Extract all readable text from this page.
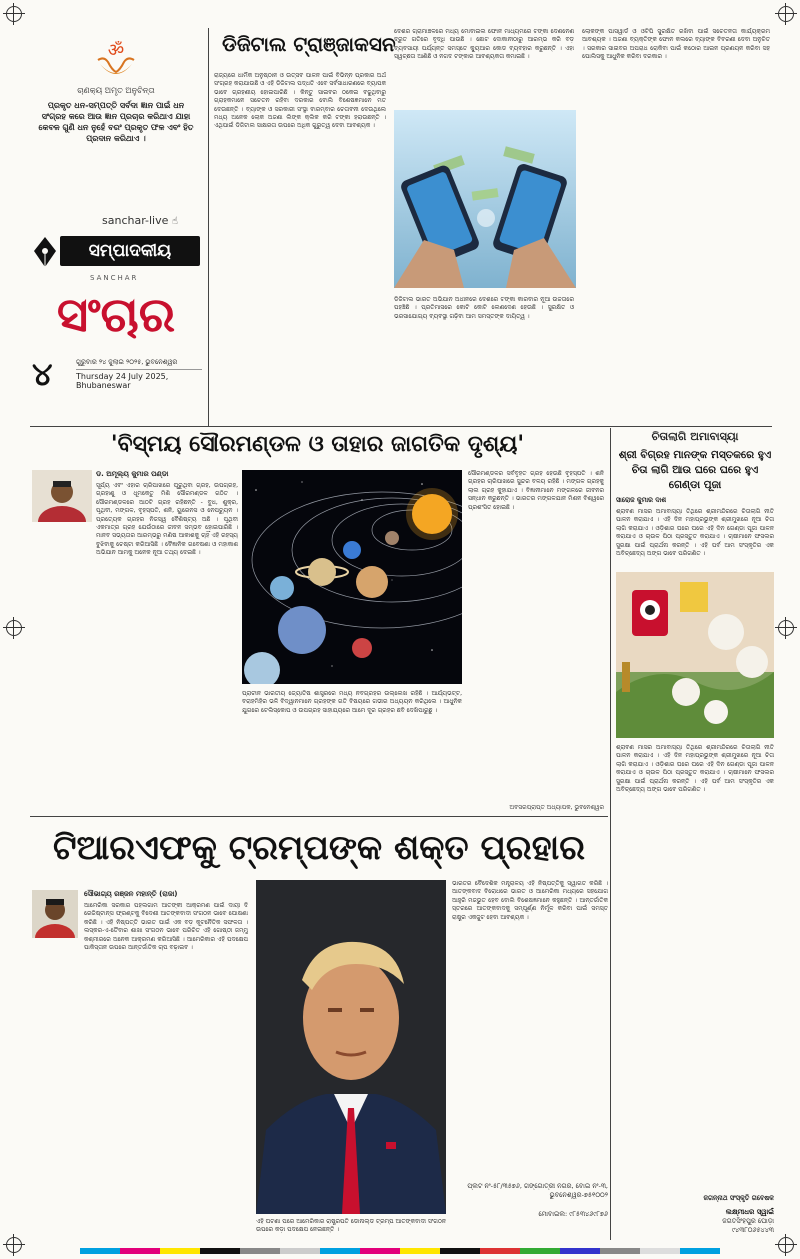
ॐ
ଚାଣକ୍ୟ ଅମୃତ ଅନୁଚିନ୍ତା
ପ୍ରକୃତ ଧନ-ସମ୍ପତ୍ତି ସର୍ବଦା ଜ୍ଞାନ ପାଇଁ ଧନ ସଂଗ୍ରହ କରେ ଆଉ ଜ୍ଞାନ ପ୍ରଚାର କରିଥାଏ ଯାହା କେବଳ ଗୁଣି ଧନ ନୁହେଁ ବରଂ ପ୍ରକୃତ ଫଳ ଏବଂ ହିତ ପ୍ରଦାନ କରିଥାଏ ।
sanchar-live ☝
ସମ୍ପାଦକୀୟ
SANCHAR
ସଂଚାର
୪	ଗୁରୁବାର ୨୪ ଜୁଲାଇ ୨୦୨୫, ଭୁବନେଶ୍ୱର
Thursday 24 July 2025,
Bhubaneswar
ଡିଜିଟାଲ ଟ୍ରାଞ୍ଜାକସନ
ରାଜ୍ୟରେ ଧାର୍ମିକ ଅନୁଷ୍ଠାନ ଓ ଉତ୍ସବ ପାଳନ ପାଇଁ ବିଭିନ୍ନ ପ୍ରକାର ଅର୍ଥ ସଂଗ୍ରହ କରାଯାଉଛି ଓ ଏହି ଡିଜିଟାଲ ପଦ୍ଧତି ଏବେ ସର୍ବସାଧାରଣରେ ବ୍ୟାପକ ଭାବେ ଗ୍ରହଣୀୟ ହୋଇପାରିଛି । କିନ୍ତୁ ସାଇବର ଠକେଇ ବଢୁଥିବାରୁ ଗ୍ରାହକମାନେ ସଚେତନ ରହିବା ଦରକାର ବୋଲି ବିଶେଷଜ୍ଞମାନେ ମତ ଦେଉଛନ୍ତି । ବ୍ୟାଙ୍କ ଓ ସରକାରୀ ସଂସ୍ଥା ବାରମ୍ବାର ଚେତାବନୀ ଦେଉଥିଲେ ମଧ୍ୟ ଅନେକ ଲୋକ ଅଜଣା ଲିଙ୍କ କ୍ଲିକ କରି ଟଙ୍କା ହରାଉଛନ୍ତି । ଏଥିପାଇଁ ଡିଜିଟାଲ ସାକ୍ଷରତା ଉପରେ ଅଧିକ ଗୁରୁତ୍ୱ ଦେବା ଆବଶ୍ୟକ ।
ଦେଶର ଗ୍ରାମାଞ୍ଚଳରେ ମଧ୍ୟ ମୋବାଇଲ ଫୋନ ମାଧ୍ୟମରେ ଟଙ୍କା ଦେଣନେଣ ଦ୍ରୁତ ଗତିରେ ବୃଦ୍ଧି ପାଉଛି । ଛୋଟ ଦୋକାନୀଠାରୁ ଆରମ୍ଭ କରି ବଡ଼ ବ୍ୟବସାୟୀ ପର୍ଯ୍ୟନ୍ତ ସମସ୍ତେ କ୍ୟୁଆର କୋଡ ବ୍ୟବହାର କରୁଛନ୍ତି । ଏହା ସ୍ୱଚ୍ଛତା ଆଣିଛି ଓ ନଗଦ ଟଙ୍କାର ଆବଶ୍ୟକତା କମାଇଛି ।
ଲୋକଙ୍କ ପାସୱାର୍ଡ ଓ ଓଟିପି ସୁରକ୍ଷିତ ରଖିବା ପାଇଁ ସଚେତନତା କାର୍ଯ୍ୟକ୍ରମ ଆବଶ୍ୟକ । ଅଜଣା ବ୍ୟକ୍ତିଙ୍କ ଫୋନ କଲରେ ବ୍ୟାଙ୍କ ବିବରଣୀ ଦେବା ଅନୁଚିତ । ସରକାର ସାଇବର ଅପରାଧ ରୋକିବା ପାଇଁ କଠୋର ଆଇନ ପ୍ରଣୟନ କରିବା ସହ ପୋଲିସକୁ ଆଧୁନିକ କରିବା ଦରକାର ।
ଡିଜିଟାଲ ଭାରତ ଅଭିଯାନ ଅଧୀନରେ ଦେଶରେ ଟଙ୍କା କାରବାର ନୂଆ ଉଚ୍ଚତାରେ ପହଞ୍ଚିଛି । ପ୍ରତିମାସରେ କୋଟି କୋଟି ଲେଣଦେଣ ହେଉଛି । ସୁରକ୍ଷିତ ଓ ଭରସାଯୋଗ୍ୟ ବ୍ୟବସ୍ଥା ଗଢ଼ିବା ଆମ ସମସ୍ତଙ୍କ ଦାୟିତ୍ୱ ।
'ବିସ୍ମୟ ସୌରମଣ୍ଡଳ ଓ ତାହାର ଜାଗତିକ ଦୃଶ୍ୟ'
ଡ. ଅମୂଲ୍ୟ କୁମାର ପଣ୍ଡା
ସୂର୍ଯ୍ୟ ଏବଂ ଏହାର ଚାରିପାଖରେ ଘୂରୁଥିବା ଗ୍ରହ, ଉପଗ୍ରହ, ଗ୍ରହାଣୁ ଓ ଧୂମକେତୁ ମିଶି ସୌରମଣ୍ଡଳ ଗଠିତ । ସୌରମଣ୍ଡଳରେ ଆଠଟି ଗ୍ରହ ରହିଛନ୍ତି - ବୁଧ, ଶୁକ୍ର, ପୃଥିବୀ, ମଙ୍ଗଳ, ବୃହସ୍ପତି, ଶନି, ୟୁରେନସ ଓ ନେପଚ୍ୟୁନ । ପ୍ରତ୍ୟେକ ଗ୍ରହର ନିଜସ୍ୱ ବୈଶିଷ୍ଟ୍ୟ ଅଛି । ପୃଥିବୀ ଏକମାତ୍ର ଗ୍ରହ ଯେଉଁଠାରେ ଜୀବନ ସମ୍ଭବ ହୋଇପାରିଛି । ମାନବ ସଭ୍ୟତାର ଆରମ୍ଭରୁ ମଣିଷ ଆକାଶକୁ ଚାହିଁ ଏହି ରହସ୍ୟ ବୁଝିବାକୁ ଚେଷ୍ଟା କରିଆସିଛି । ବୈଜ୍ଞାନିକ ଗବେଷଣା ଓ ମହାକାଶ ଅଭିଯାନ ଆମକୁ ଅନେକ ନୂଆ ତଥ୍ୟ ଦେଇଛି ।
ସୌରମଣ୍ଡଳର ସର୍ବବୃହତ ଗ୍ରହ ହେଉଛି ବୃହସ୍ପତି । ଶନି ଗ୍ରହର ଚାରିପାଖରେ ସୁନ୍ଦର ବଳୟ ରହିଛି । ମଙ୍ଗଳ ଗ୍ରହକୁ ଲାଲ ଗ୍ରହ କୁହାଯାଏ । ବିଜ୍ଞାନୀମାନେ ମଙ୍ଗଳରେ ଜୀବନର ସନ୍ଧାନ କରୁଛନ୍ତି । ଭାରତର ମଙ୍ଗଳଯାନ ମିଶନ ବିଶ୍ୱରେ ପ୍ରଶଂସିତ ହୋଇଛି ।
ପ୍ରାଚୀନ ଭାରତୀୟ ଜ୍ୟୋତିଷ ଶାସ୍ତ୍ରରେ ମଧ୍ୟ ନବଗ୍ରହର ଉଲ୍ଲେଖ ରହିଛି । ଆର୍ଯ୍ୟଭଟ୍ଟ, ବରାହମିହିର ଭଳି ବିଦ୍ୱାନମାନେ ଗ୍ରହଙ୍କ ଗତି ବିଷୟରେ ଗଭୀର ଅଧ୍ୟୟନ କରିଥିଲେ । ଆଧୁନିକ ଯୁଗରେ ଟେଲିସ୍କୋପ ଓ ଉପଗ୍ରହ ସାହାଯ୍ୟରେ ଆମେ ଦୂର ଗ୍ରହର ଛବି ଦେଖିପାରୁଛୁ ।
ଅବସରପ୍ରାପ୍ତ ଅଧ୍ୟାପକ, ଭୁବନେଶ୍ୱର
ଚିତାଲାଗି ଅମାବାସ୍ୟା
ଶ୍ରୀ ବିଗ୍ରହ ମାନଙ୍କ ମସ୍ତକରେ ହୁଏ ଚିତା ଲାଗି ଆଉ ଘରେ ଘରେ ହୁଏ ଗେଣ୍ଡା ପୂଜା
ସାରୋଜ କୁମାର ଦାଶ
ଶ୍ରାବଣ ମାସର ଅମାବାସ୍ୟା ତିଥିରେ ଶ୍ରୀମନ୍ଦିରରେ ଚିତାଲାଗି ନୀତି ପାଳନ କରାଯାଏ । ଏହି ଦିନ ମହାପ୍ରଭୁଙ୍କ ଶ୍ରୀମୁଖରେ ନୂଆ ଚିତା ଲାଗି କରାଯାଏ । ଓଡ଼ିଶାର ଘରେ ଘରେ ଏହି ଦିନ ଗେଣ୍ଡା ପୂଜା ପାଳନ କରାଯାଏ ଓ ଚାଉଳ ପିଠା ପ୍ରସ୍ତୁତ କରାଯାଏ । ଚାଷୀମାନେ ଫସଲର ସୁରକ୍ଷା ପାଇଁ ପ୍ରାର୍ଥନା କରନ୍ତି । ଏହି ପର୍ବ ଆମ ସଂସ୍କୃତିର ଏକ ଅବିଚ୍ଛେଦ୍ୟ ଅଙ୍ଗ ଭାବେ ପରିଗଣିତ ।
ଶ୍ରାବଣ ମାସର ଅମାବାସ୍ୟା ତିଥିରେ ଶ୍ରୀମନ୍ଦିରରେ ଚିତାଲାଗି ନୀତି ପାଳନ କରାଯାଏ । ଏହି ଦିନ ମହାପ୍ରଭୁଙ୍କ ଶ୍ରୀମୁଖରେ ନୂଆ ଚିତା ଲାଗି କରାଯାଏ । ଓଡ଼ିଶାର ଘରେ ଘରେ ଏହି ଦିନ ଗେଣ୍ଡା ପୂଜା ପାଳନ କରାଯାଏ ଓ ଚାଉଳ ପିଠା ପ୍ରସ୍ତୁତ କରାଯାଏ । ଚାଷୀମାନେ ଫସଲର ସୁରକ୍ଷା ପାଇଁ ପ୍ରାର୍ଥନା କରନ୍ତି । ଏହି ପର୍ବ ଆମ ସଂସ୍କୃତିର ଏକ ଅବିଚ୍ଛେଦ୍ୟ ଅଙ୍ଗ ଭାବେ ପରିଗଣିତ ।
ଜଗନ୍ନାଥ ସଂସ୍କୃତି ଗବେଷକ
ଟିଆରଏଫକୁ ଟ୍ରମ୍ପଙ୍କ ଶକ୍ତ ପ୍ରହାର
ସୌଭାଗ୍ୟ ରଞ୍ଜନ ମହାନ୍ତି (ରାଜା)
ଆମେରିକା ସରକାର ପହଲଗାମ ଆତଙ୍କୀ ଆକ୍ରମଣ ପାଇଁ ଦାୟୀ ଦି ରେଜିଷ୍ଟାନ୍ସ ଫ୍ରଣ୍ଟକୁ ବିଦେଶୀ ଆତଙ୍କବାଦୀ ସଂଗଠନ ଭାବେ ଘୋଷଣା କରିଛି । ଏହି ନିଷ୍ପତ୍ତି ଭାରତ ପାଇଁ ଏକ ବଡ଼ କୂଟନୈତିକ ସଫଳତା । ଲସ୍କର-ଏ-ତୈବାର ଶାଖା ସଂଗଠନ ଭାବେ ପରିଚିତ ଏହି ଗୋଷ୍ଠୀ ଜମ୍ମୁ କଶ୍ମୀରରେ ଅନେକ ଆକ୍ରମଣ କରିଆସିଛି । ଆମେରିକାର ଏହି ପଦକ୍ଷେପ ପାକିସ୍ତାନ ଉପରେ ଆନ୍ତର୍ଜାତିକ ଚାପ ବଢ଼ାଇବ ।
ଏହି ଘଟଣା ପରେ ଆମେରିକାର ରାଷ୍ଟ୍ରପତି ଡୋନାଲ୍ଡ ଟ୍ରମ୍ପ ଆତଙ୍କବାଦୀ ସଂଗଠନ ଉପରେ କଡ଼ା ପଦକ୍ଷେପ ନେଇଛନ୍ତି ।
ଭାରତର ବୈଦେଶିକ ମନ୍ତ୍ରାଳୟ ଏହି ନିଷ୍ପତ୍ତିକୁ ସ୍ୱାଗତ କରିଛି । ଆତଙ୍କବାଦ ବିରୋଧରେ ଭାରତ ଓ ଆମେରିକା ମଧ୍ୟରେ ସହଯୋଗ ଆହୁରି ମଜଭୁତ ହେବ ବୋଲି ବିଶେଷଜ୍ଞମାନେ କହୁଛନ୍ତି । ଆନ୍ତର୍ଜାତିକ ସ୍ତରରେ ଆତଙ୍କବାଦକୁ ସମ୍ପୂର୍ଣ୍ଣ ନିର୍ମୂଳ କରିବା ପାଇଁ ସମସ୍ତ ରାଷ୍ଟ୍ର ଏକଜୁଟ ହେବା ଆବଶ୍ୟକ ।
ପ୍ଲଟ ନଂ-୫୮/୩୫୭୬, ଗଙ୍ଗୋତ୍ରୀ ନଗର, ବୋଇ ନଂ-୩, ଭୁବନେଶ୍ୱର-୭୫୧୦୦୨
ମୋବାଇଲ: ୯୮୫୩୪୬୯୮୭୬	ଲକ୍ଷ୍ମୀଧର ସ୍ୱାଇଁ
ଜଗତସିଂହପୁର ଘୋଡ଼ା
୯୪୩୮୦୬୫୪୪୩
